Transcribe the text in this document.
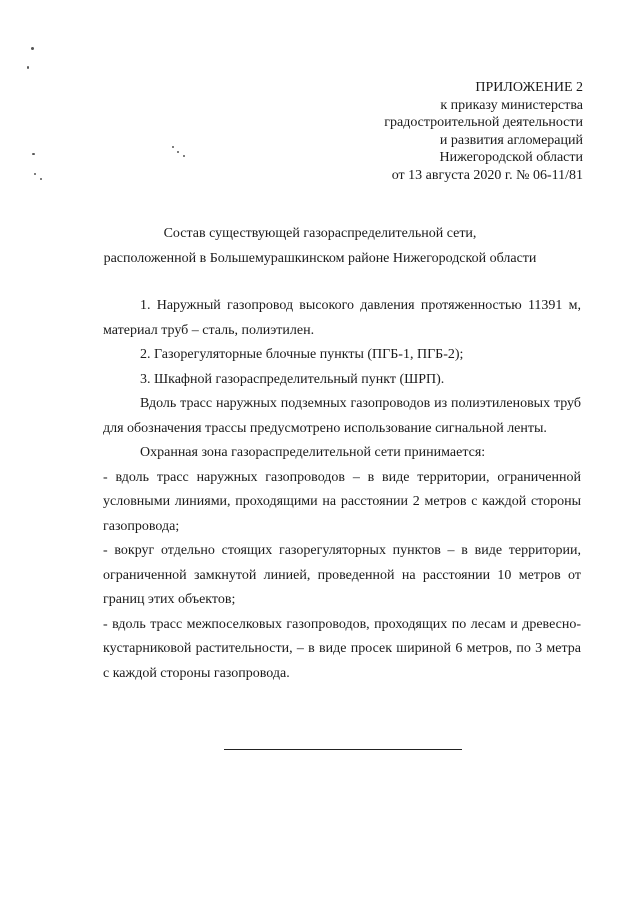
ПРИЛОЖЕНИЕ 2
к приказу министерства
градостроительной деятельности
и развития агломераций
Нижегородской области
от 13 августа 2020 г. № 06-11/81
Состав существующей газораспределительной сети,
расположенной в Большемурашкинском районе Нижегородской области

1. Наружный газопровод высокого давления протяженностью 11391 м, материал труб – сталь, полиэтилен.

2. Газорегуляторные блочные пункты (ПГБ-1, ПГБ-2);

3. Шкафной газораспределительный пункт (ШРП).

Вдоль трасс наружных подземных газопроводов из полиэтиленовых труб для обозначения трассы предусмотрено использование сигнальной ленты.

Охранная зона газораспределительной сети принимается:

- вдоль трасс наружных газопроводов – в виде территории, ограниченной условными линиями, проходящими на расстоянии 2 метров с каждой стороны газопровода;

- вокруг отдельно стоящих газорегуляторных пунктов – в виде территории, ограниченной замкнутой линией, проведенной на расстоянии 10 метров от границ этих объектов;

- вдоль трасс межпоселковых газопроводов, проходящих по лесам и древесно-кустарниковой растительности, – в виде просек шириной 6 метров, по 3 метра с каждой стороны газопровода.
